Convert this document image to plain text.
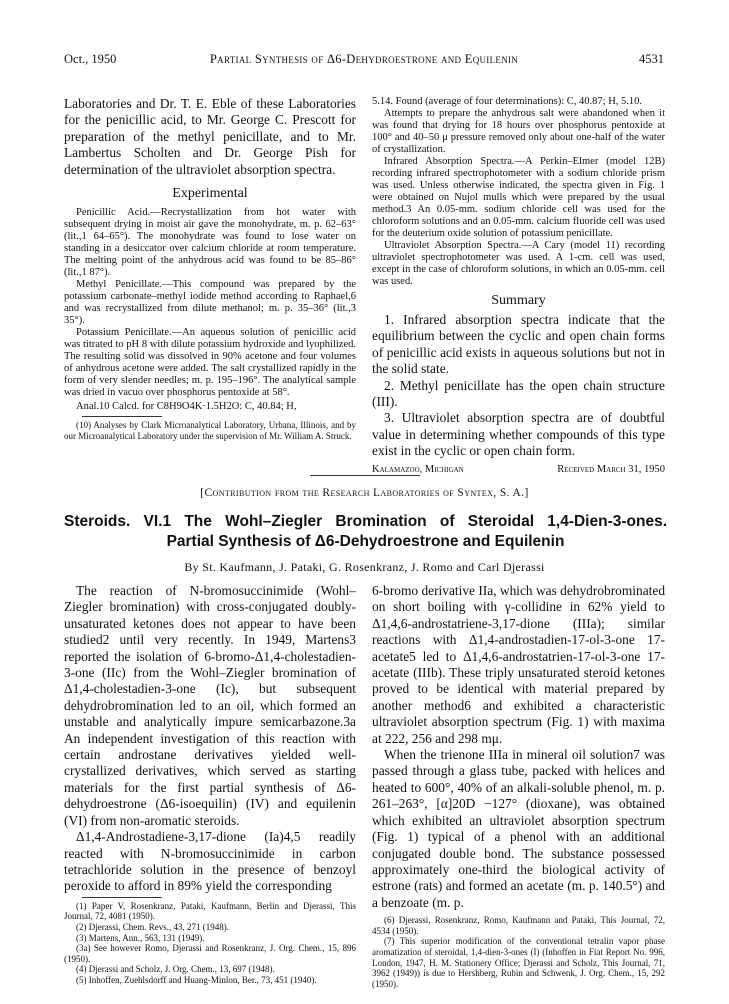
Oct., 1950	Partial Synthesis of Δ6-Dehydroestrone and Equilenin	4531

Laboratories and Dr. T. E. Eble of these Laboratories for the penicillic acid, to Mr. George C. Prescott for preparation of the methyl penicillate, and to Mr. Lambertus Scholten and Dr. George Pish for determination of the ultraviolet absorption spectra.

Experimental

Penicillic Acid.—Recrystallization from hot water with subsequent drying in moist air gave the monohydrate, m. p. 62–63° (lit.,1 64–65°). The monohydrate was found to lose water on standing in a desiccator over calcium chloride at room temperature. The melting point of the anhydrous acid was found to be 85–86° (lit.,1 87°).

Methyl Penicillate.—This compound was prepared by the potassium carbonate–methyl iodide method according to Raphael,6 and was recrystallized from dilute methanol; m. p. 35–36° (lit.,3 35°).

Potassium Penicillate.—An aqueous solution of penicillic acid was titrated to pH 8 with dilute potassium hydroxide and lyophilized. The resulting solid was dissolved in 90% acetone and four volumes of anhydrous acetone were added. The salt crystallized rapidly in the form of very slender needles; m. p. 195–196°. The analytical sample was dried in vacuo over phosphorus pentoxide at 58°.

Anal.10 Calcd. for C8H9O4K·1.5H2O: C, 40.84; H,

(10) Analyses by Clark Microanalytical Laboratory, Urbana, Illinois, and by our Microanalytical Laboratory under the supervision of Mr. William A. Struck.

5.14. Found (average of four determinations): C, 40.87; H, 5.10.

Attempts to prepare the anhydrous salt were abandoned when it was found that drying for 18 hours over phosphorus pentoxide at 100° and 40–50 μ pressure removed only about one-half of the water of crystallization.

Infrared Absorption Spectra.—A Perkin–Elmer (model 12B) recording infrared spectrophotometer with a sodium chloride prism was used. Unless otherwise indicated, the spectra given in Fig. 1 were obtained on Nujol mulls which were prepared by the usual method.3 An 0.05-mm. sodium chloride cell was used for the chloroform solutions and an 0.05-mm. calcium fluoride cell was used for the deuterium oxide solution of potassium penicillate.

Ultraviolet Absorption Spectra.—A Cary (model 11) recording ultraviolet spectrophotometer was used. A 1-cm. cell was used, except in the case of chloroform solutions, in which an 0.05-mm. cell was used.

Summary

1. Infrared absorption spectra indicate that the equilibrium between the cyclic and open chain forms of penicillic acid exists in aqueous solutions but not in the solid state.

2. Methyl penicillate has the open chain structure (III).

3. Ultraviolet absorption spectra are of doubtful value in determining whether compounds of this type exist in the cyclic or open chain form.

Kalamazoo, Michigan	Received March 31, 1950
[Contribution from the Research Laboratories of Syntex, S. A.]
Steroids. VI.1 The Wohl–Ziegler Bromination of Steroidal 1,4-Dien-3-ones.
Partial Synthesis of Δ6-Dehydroestrone and Equilenin
By St. Kaufmann, J. Pataki, G. Rosenkranz, J. Romo and Carl Djerassi

The reaction of N-bromosuccinimide (Wohl–Ziegler bromination) with cross-conjugated doubly-unsaturated ketones does not appear to have been studied2 until very recently. In 1949, Martens3 reported the isolation of 6-bromo-Δ1,4-cholestadien-3-one (IIc) from the Wohl–Ziegler bromination of Δ1,4-cholestadien-3-one (Ic), but subsequent dehydrobromination led to an oil, which formed an unstable and analytically impure semicarbazone.3a An independent investigation of this reaction with certain androstane derivatives yielded well-crystallized derivatives, which served as starting materials for the first partial synthesis of Δ6-dehydroestrone (Δ6-isoequilin) (IV) and equilenin (VI) from non-aromatic steroids.

Δ1,4-Androstadiene-3,17-dione (Ia)4,5 readily reacted with N-bromosuccinimide in carbon tetrachloride solution in the presence of benzoyl peroxide to afford in 89% yield the corresponding

(1) Paper V, Rosenkranz, Pataki, Kaufmann, Berlin and Djerassi, This Journal, 72, 4081 (1950).

(2) Djerassi, Chem. Revs., 43, 271 (1948).

(3) Martens, Ann., 563, 131 (1949).

(3a) See however Romo, Djerassi and Rosenkranz, J. Org. Chem., 15, 896 (1950).

(4) Djerassi and Scholz, J. Org. Chem., 13, 697 (1948).

(5) Inhoffen, Zuehlsdorff and Huang-Minlon, Ber., 73, 451 (1940).

6-bromo derivative IIa, which was dehydrobrominated on short boiling with γ-collidine in 62% yield to Δ1,4,6-androstatriene-3,17-dione (IIIa); similar reactions with Δ1,4-androstadien-17-ol-3-one 17-acetate5 led to Δ1,4,6-androstatrien-17-ol-3-one 17-acetate (IIIb). These triply unsaturated steroid ketones proved to be identical with material prepared by another method6 and exhibited a characteristic ultraviolet absorption spectrum (Fig. 1) with maxima at 222, 256 and 298 mμ.

When the trienone IIIa in mineral oil solution7 was passed through a glass tube, packed with helices and heated to 600°, 40% of an alkali-soluble phenol, m. p. 261–263°, [α]20D −127° (dioxane), was obtained which exhibited an ultraviolet absorption spectrum (Fig. 1) typical of a phenol with an additional conjugated double bond. The substance possessed approximately one-third the biological activity of estrone (rats) and formed an acetate (m. p. 140.5°) and a benzoate (m. p.

(6) Djerassi, Rosenkranz, Romo, Kaufmann and Pataki, This Journal, 72, 4534 (1950).

(7) This superior modification of the conventional tetralin vapor phase aromatization of steroidal, 1,4-dien-3-ones (I) (Inhoffen in Fiat Report No. 996, London, 1947, H. M. Stationery Office; Djerassi and Scholz, This Journal, 71, 3962 (1949)) is due to Hershberg, Rubin and Schwenk, J. Org. Chem., 15, 292 (1950).
